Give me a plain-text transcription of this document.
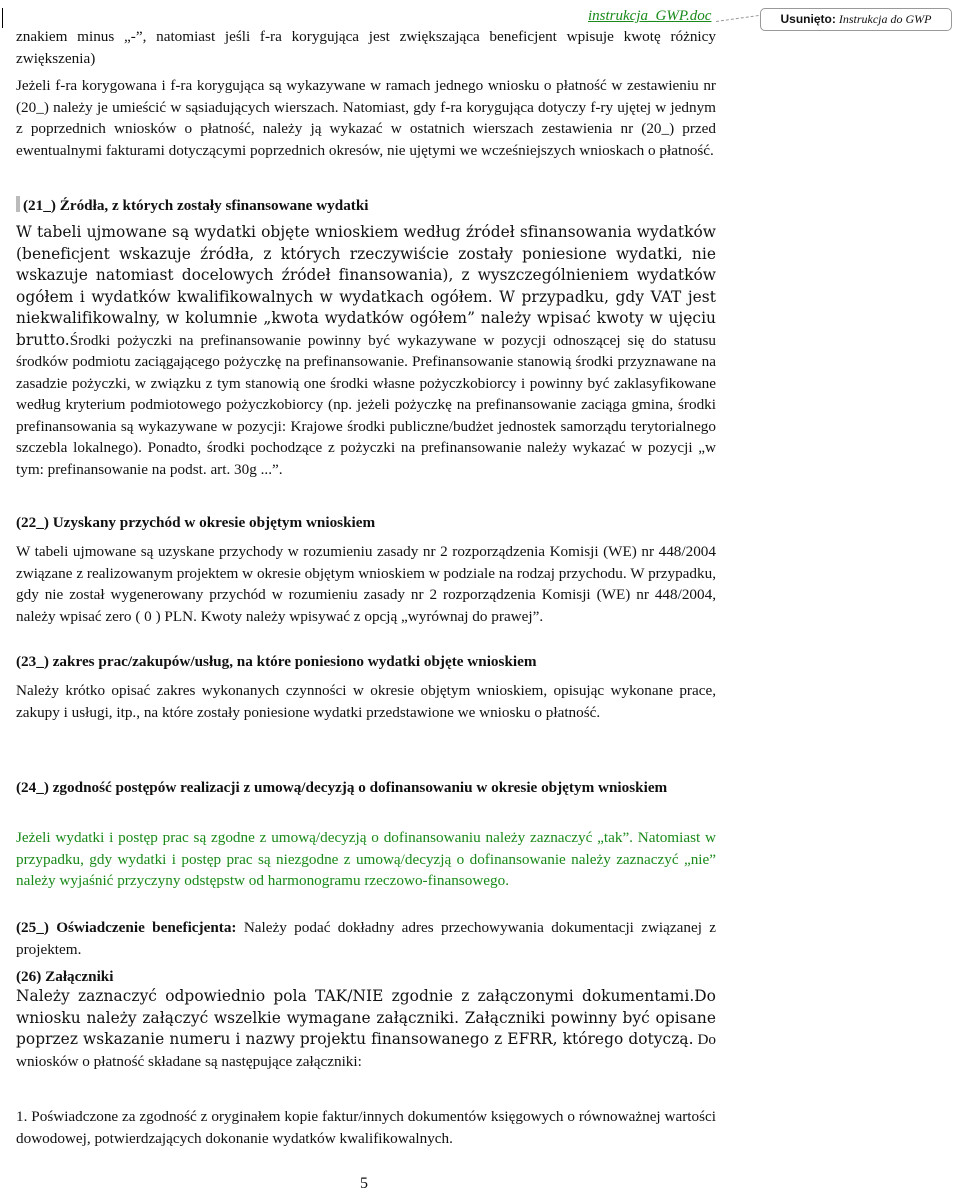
instrukcja_GWP.doc	Usunięto: Instrukcja do GWP

znakiem minus „-”, natomiast jeśli f-ra korygująca jest zwiększająca beneficjent wpisuje kwotę różnicy zwiększenia)

Jeżeli f-ra korygowana i f-ra korygująca są wykazywane w ramach jednego wniosku o płatność w zestawieniu nr (20_) należy je umieścić w sąsiadujących wierszach. Natomiast, gdy f-ra korygująca dotyczy f-ry ujętej w jednym z poprzednich wniosków o płatność, należy ją wykazać w ostatnich wierszach zestawienia nr (20_) przed ewentualnymi fakturami dotyczącymi poprzednich okresów, nie ujętymi we wcześniejszych wnioskach o płatność.

(21_) Źródła, z których zostały sfinansowane wydatki

W tabeli ujmowane są wydatki objęte wnioskiem według źródeł sfinansowania wydatków (beneficjent wskazuje źródła, z których rzeczywiście zostały poniesione wydatki, nie wskazuje natomiast docelowych źródeł finansowania), z wyszczególnieniem wydatków ogółem i wydatków kwalifikowalnych w wydatkach ogółem. W przypadku, gdy VAT jest niekwalifikowalny, w kolumnie „kwota wydatków ogółem” należy wpisać kwoty w ujęciu brutto.Środki pożyczki na prefinansowanie powinny być wykazywane w pozycji odnoszącej się do statusu środków podmiotu zaciągającego pożyczkę na prefinansowanie. Prefinansowanie stanowią środki przyznawane na zasadzie pożyczki, w związku z tym stanowią one środki własne pożyczkobiorcy i powinny być zaklasyfikowane według kryterium podmiotowego pożyczkobiorcy (np. jeżeli pożyczkę na prefinansowanie zaciąga gmina, środki prefinansowania są wykazywane w pozycji: Krajowe środki publiczne/budżet jednostek samorządu terytorialnego szczebla lokalnego). Ponadto, środki pochodzące z pożyczki na prefinansowanie należy wykazać w pozycji „w tym: prefinansowanie na podst. art. 30g ...”.

(22_) Uzyskany przychód w okresie objętym wnioskiem

W tabeli ujmowane są uzyskane przychody w rozumieniu zasady nr 2 rozporządzenia Komisji (WE) nr 448/2004 związane z realizowanym projektem w okresie objętym wnioskiem w podziale na rodzaj przychodu. W przypadku, gdy nie został wygenerowany przychód w rozumieniu zasady nr 2 rozporządzenia Komisji (WE) nr 448/2004, należy wpisać zero ( 0 ) PLN. Kwoty należy wpisywać z opcją „wyrównaj do prawej”.

(23_) zakres prac/zakupów/usług, na które poniesiono wydatki objęte wnioskiem

Należy krótko opisać zakres wykonanych czynności w okresie objętym wnioskiem, opisując wykonane prace, zakupy i usługi, itp., na które zostały poniesione wydatki przedstawione we wniosku o płatność.

(24_) zgodność postępów realizacji z umową/decyzją o dofinansowaniu w okresie objętym wnioskiem

Jeżeli wydatki i postęp prac są zgodne z umową/decyzją o dofinansowaniu należy zaznaczyć „tak”. Natomiast w przypadku, gdy wydatki i postęp prac są niezgodne z umową/decyzją o dofinansowanie należy zaznaczyć „nie” należy wyjaśnić przyczyny odstępstw od harmonogramu rzeczowo-finansowego.

(25_) Oświadczenie beneficjenta: Należy podać dokładny adres przechowywania dokumentacji związanej z projektem.

(26) Załączniki

Należy zaznaczyć odpowiednio pola TAK/NIE zgodnie z załączonymi dokumentami.Do wniosku należy załączyć wszelkie wymagane załączniki. Załączniki powinny być opisane poprzez wskazanie numeru i nazwy projektu finansowanego z EFRR, którego dotyczą. Do wniosków o płatność składane są następujące załączniki:

1. Poświadczone za zgodność z oryginałem kopie faktur/innych dokumentów księgowych o równoważnej wartości dowodowej, potwierdzających dokonanie wydatków kwalifikowalnych.

5
